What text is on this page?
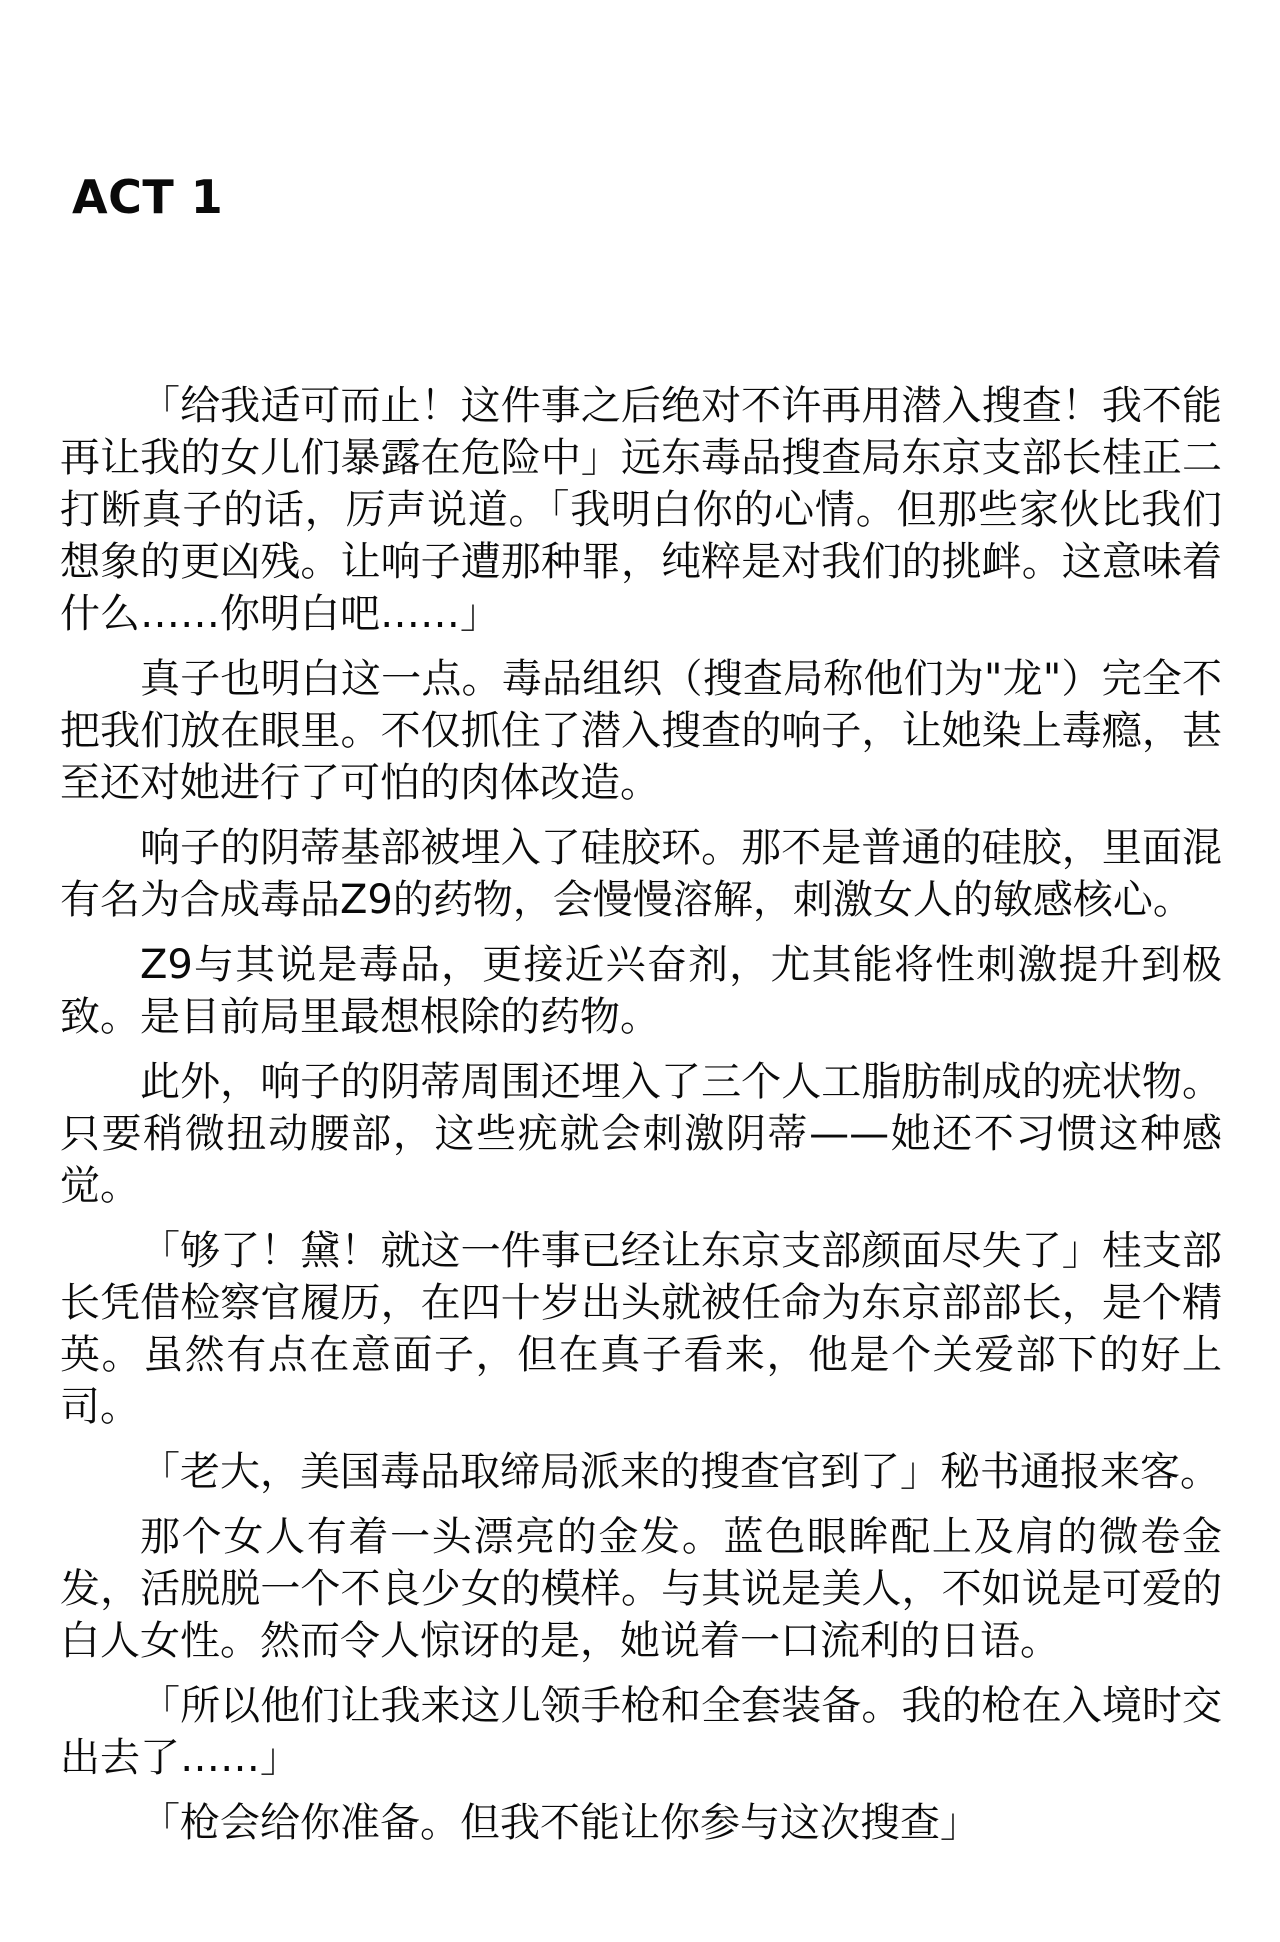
ACT 1

「给我适可而止！这件事之后绝对不许再用潜入搜查！我不能再让我的女儿们暴露在危险中」远东毒品搜查局东京支部长桂正二打断真子的话，厉声说道。「我明白你的心情。但那些家伙比我们想象的更凶残。让响子遭那种罪，纯粹是对我们的挑衅。这意味着什么……你明白吧……」

真子也明白这一点。毒品组织（搜查局称他们为"龙"）完全不把我们放在眼里。不仅抓住了潜入搜查的响子，让她染上毒瘾，甚至还对她进行了可怕的肉体改造。

响子的阴蒂基部被埋入了硅胶环。那不是普通的硅胶，里面混有名为合成毒品Z9的药物，会慢慢溶解，刺激女人的敏感核心。

Z9与其说是毒品，更接近兴奋剂，尤其能将性刺激提升到极致。是目前局里最想根除的药物。

此外，响子的阴蒂周围还埋入了三个人工脂肪制成的疣状物。只要稍微扭动腰部，这些疣就会刺激阴蒂——她还不习惯这种感觉。

「够了！黛！就这一件事已经让东京支部颜面尽失了」桂支部长凭借检察官履历，在四十岁出头就被任命为东京部部长，是个精英。虽然有点在意面子，但在真子看来，他是个关爱部下的好上司。

「老大，美国毒品取缔局派来的搜查官到了」秘书通报来客。

那个女人有着一头漂亮的金发。蓝色眼眸配上及肩的微卷金发，活脱脱一个不良少女的模样。与其说是美人，不如说是可爱的白人女性。然而令人惊讶的是，她说着一口流利的日语。

「所以他们让我来这儿领手枪和全套装备。我的枪在入境时交出去了……」

「枪会给你准备。但我不能让你参与这次搜查」
